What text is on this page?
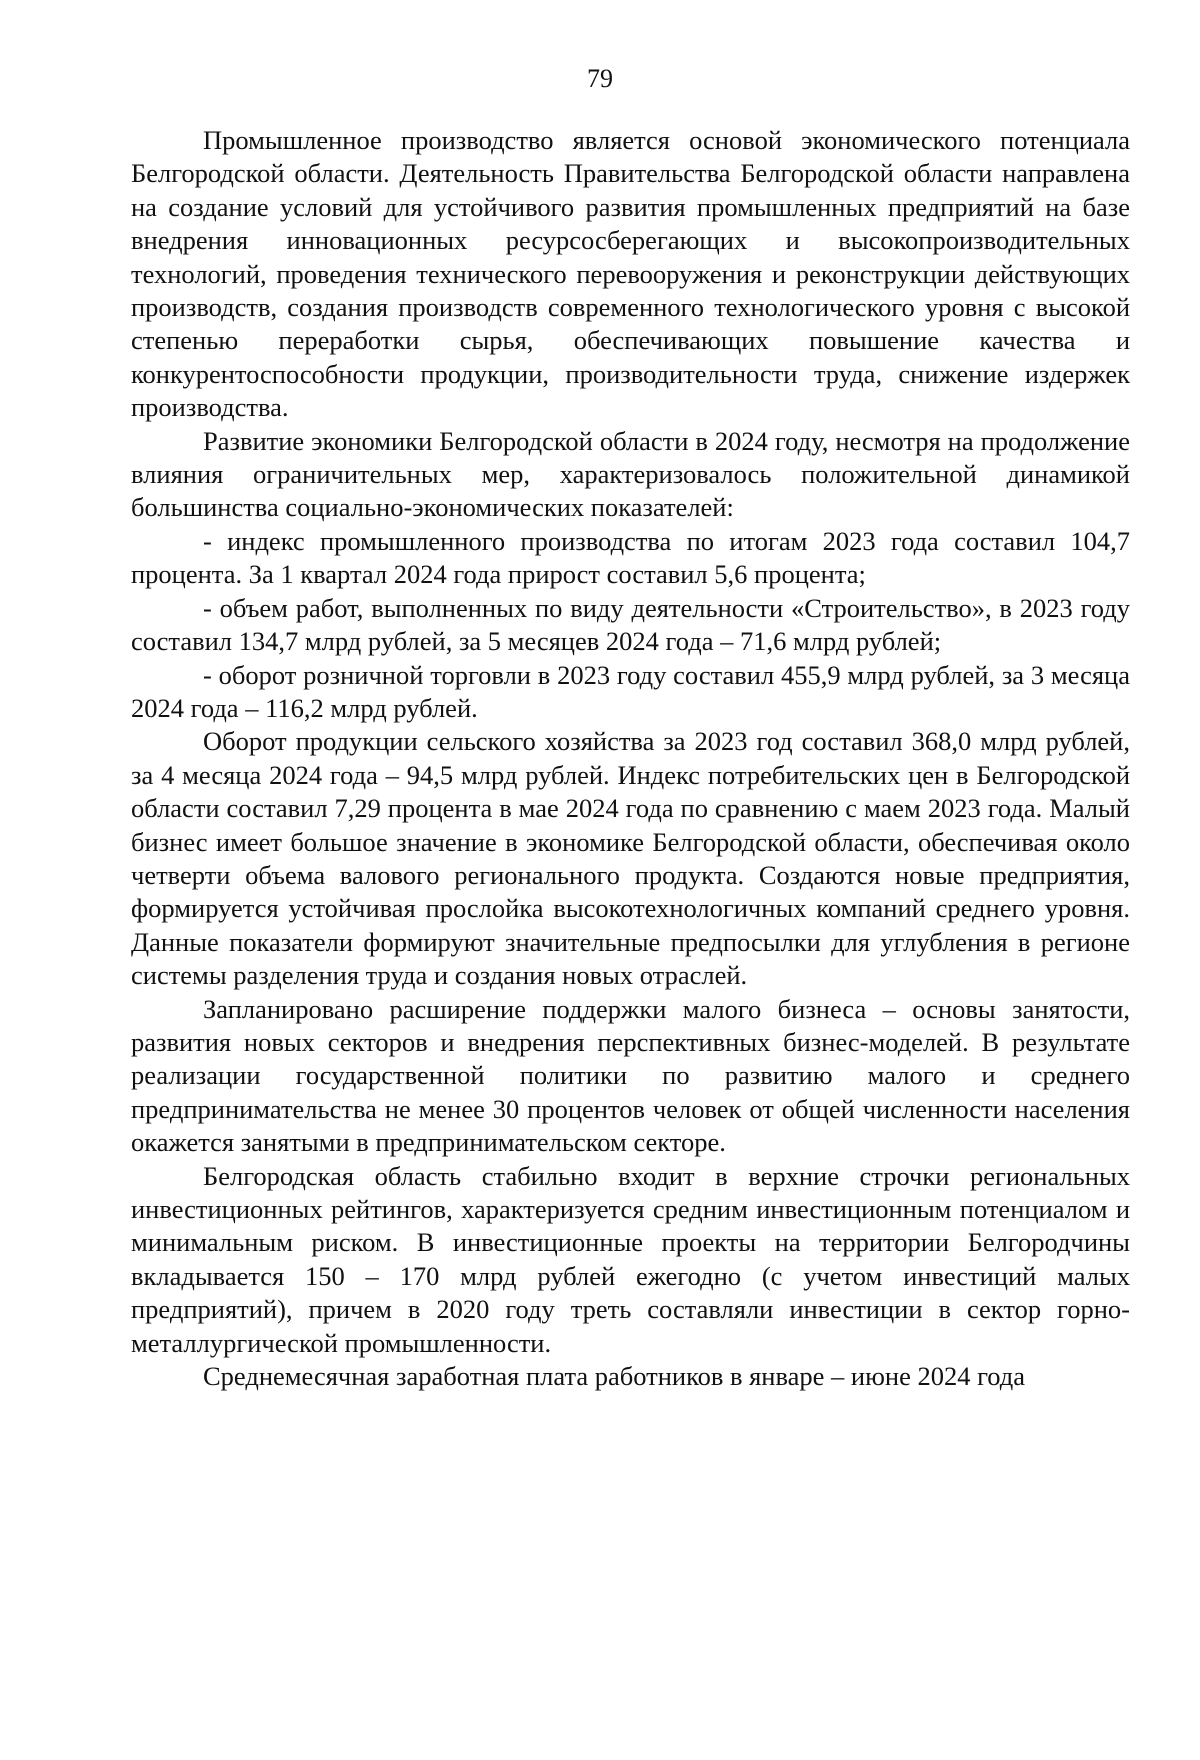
79

Промышленное производство является основой экономического потенциала Белгородской области. Деятельность Правительства Белгородской области направлена на создание условий для устойчивого развития промышленных предприятий на базе внедрения инновационных ресурсосберегающих и высокопроизводительных технологий, проведения технического перевооружения и реконструкции действующих производств, создания производств современного технологического уровня с высокой степенью переработки сырья, обеспечивающих повышение качества и конкурентоспособности продукции, производительности труда, снижение издержек производства.

Развитие экономики Белгородской области в 2024 году, несмотря на продолжение влияния ограничительных мер, характеризовалось положительной динамикой большинства социально-экономических показателей:

- индекс промышленного производства по итогам 2023 года составил 104,7 процента. За 1 квартал 2024 года прирост составил 5,6 процента;

- объем работ, выполненных по виду деятельности «Строительство», в 2023 году составил 134,7 млрд рублей, за 5 месяцев 2024 года – 71,6 млрд рублей;

- оборот розничной торговли в 2023 году составил 455,9 млрд рублей, за 3 месяца 2024 года – 116,2 млрд рублей.

Оборот продукции сельского хозяйства за 2023 год составил 368,0 млрд рублей, за 4 месяца 2024 года – 94,5 млрд рублей. Индекс потребительских цен в Белгородской области составил 7,29 процента в мае 2024 года по сравнению с маем 2023 года. Малый бизнес имеет большое значение в экономике Белгородской области, обеспечивая около четверти объема валового регионального продукта. Создаются новые предприятия, формируется устойчивая прослойка высокотехнологичных компаний среднего уровня. Данные показатели формируют значительные предпосылки для углубления в регионе системы разделения труда и создания новых отраслей.

Запланировано расширение поддержки малого бизнеса – основы занятости, развития новых секторов и внедрения перспективных бизнес-моделей. В результате реализации государственной политики по развитию малого и среднего предпринимательства не менее 30 процентов человек от общей численности населения окажется занятыми в предпринимательском секторе.

Белгородская область стабильно входит в верхние строчки региональных инвестиционных рейтингов, характеризуется средним инвестиционным потенциалом и минимальным риском. В инвестиционные проекты на территории Белгородчины вкладывается 150 – 170 млрд рублей ежегодно (с учетом инвестиций малых предприятий), причем в 2020 году треть составляли инвестиции в сектор горно-металлургической промышленности.

Среднемесячная заработная плата работников в январе – июне 2024 года
